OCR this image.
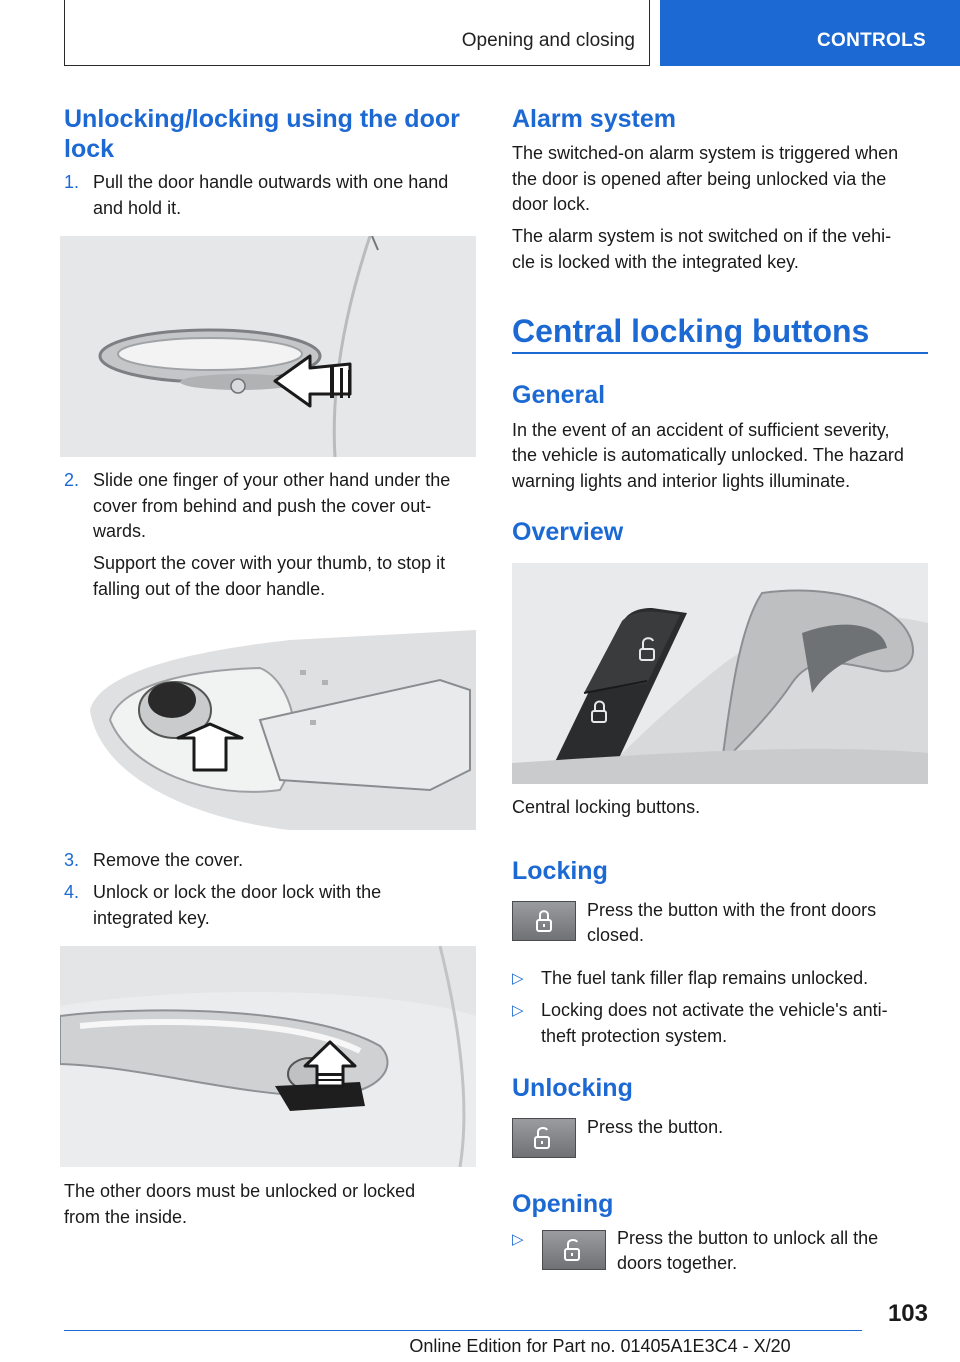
Opening and closing	CONTROLS
Unlocking/locking using the door
lock
1. Pull the door handle outwards with one hand
and hold it.
2. Slide one finger of your other hand under the
cover from behind and push the cover out‐
wards.
Support the cover with your thumb, to stop it
falling out of the door handle.
3. Remove the cover.
4. Unlock or lock the door lock with the
integrated key.
The other doors must be unlocked or locked
from the inside.
Alarm system
The switched-on alarm system is triggered when
the door is opened after being unlocked via the
door lock.
The alarm system is not switched on if the vehi‐
cle is locked with the integrated key.
Central locking buttons
General
In the event of an accident of sufficient severity,
the vehicle is automatically unlocked. The hazard
warning lights and interior lights illuminate.
Overview
Central locking buttons.
Locking
Press the button with the front doors
closed.
▷ The fuel tank filler flap remains unlocked.
▷ Locking does not activate the vehicle's anti‐
theft protection system.
Unlocking
Press the button.
Opening
▷	Press the button to unlock all the
doors together.
103
Online Edition for Part no. 01405A1E3C4 - X/20
